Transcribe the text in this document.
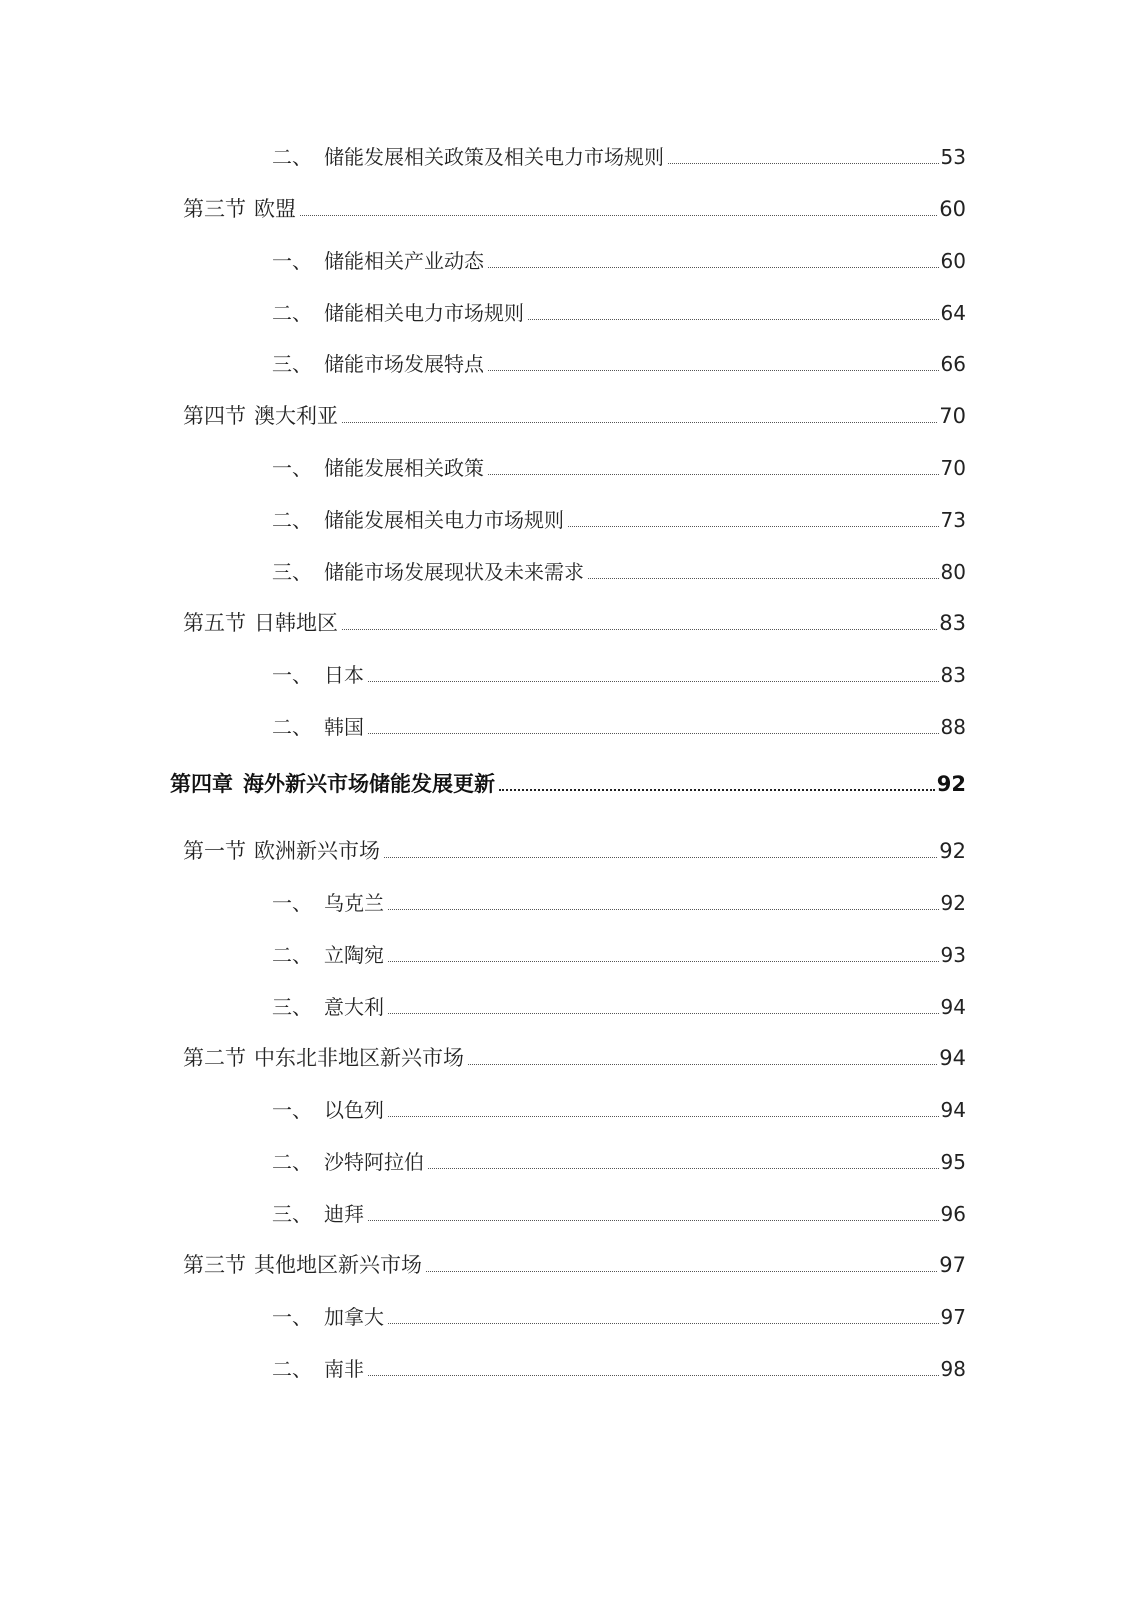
二、 储能发展相关政策及相关电力市场规则	53
第三节 欧盟	60
一、 储能相关产业动态	60
二、 储能相关电力市场规则	64
三、 储能市场发展特点	66
第四节 澳大利亚	70
一、 储能发展相关政策	70
二、 储能发展相关电力市场规则	73
三、 储能市场发展现状及未来需求	80
第五节 日韩地区	83
一、 日本	83
二、 韩国	88
第四章 海外新兴市场储能发展更新	92
第一节 欧洲新兴市场	92
一、 乌克兰	92
二、 立陶宛	93
三、 意大利	94
第二节 中东北非地区新兴市场	94
一、 以色列	94
二、 沙特阿拉伯	95
三、 迪拜	96
第三节 其他地区新兴市场	97
一、 加拿大	97
二、 南非	98
